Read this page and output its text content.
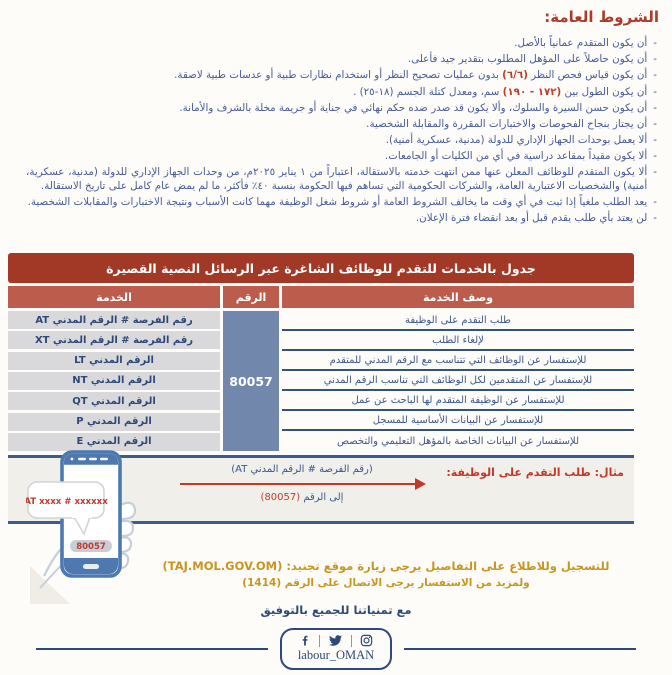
الشروط العامة:
-
أن يكون المتقدم عمانياً بالأصل.
-
أن يكون حاصلاً على المؤهل المطلوب بتقدير جيد فأعلى.
-
أن يكون قياس فحص النظر (٦/٦) بدون عمليات تصحيح النظر أو استخدام نظارات طبية أو عدسات طبية لاصقة.
-
أن يكون الطول بين (١٧٢ - ١٩٠) سم، ومعدل كتلة الجسم (١٨-٢٥) .
-
أن يكون حسن السيرة والسلوك، وألا يكون قد صدر ضده حكم نهائي في جناية أو جريمة مخلة بالشرف والأمانة.
-
أن يجتاز بنجاح الفحوصات والاختبارات المقررة والمقابلة الشخصية.
-
ألا يعمل بوحدات الجهاز الإداري للدولة (مدنية، عسكرية أمنية).
-
ألا يكون مقيداً بمقاعد دراسية في أي من الكليات أو الجامعات.
-
ألا يكون المتقدم للوظائف المعلن عنها ممن انتهت خدمته بالاستقالة، اعتباراً من ١ يناير ٢٠٢٥م، من وحدات الجهاز الإداري للدولة (مدنية، عسكرية، أمنية) والشخصيات الاعتبارية العامة، والشركات الحكومية التي تساهم فيها الحكومة بنسبة ٤٠٪ فأكثر، ما لم يمض عام كامل على تاريخ الاستقالة.
-
يعد الطلب ملغياً إذا ثبت في أي وقت ما يخالف الشروط العامة أو شروط شغل الوظيفة مهما كانت الأسباب ونتيجة الاختبارات والمقابلات الشخصية.
-
لن يعتد بأي طلب يقدم قبل أو بعد انقضاء فترة الإعلان.
جدول بالخدمات للتقدم للوظائف الشاغرة عبر الرسائل النصية القصيرة
الخدمة	الرقم	وصف الخدمة
رقم الفرصة # الرقم المدني AT
رقم الفرصة # الرقم المدني XT
الرقم المدني LT
الرقم المدني NT
الرقم المدني QT
الرقم المدني P
الرقم المدني E
80057
طلب التقدم على الوظيفة
لإلغاء الطلب
للإستفسار عن الوظائف التي تتناسب مع الرقم المدني للمتقدم
للإستفسار عن المتقدمين لكل الوظائف التي تناسب الرقم المدني
للإستفسار عن الوظيفة المتقدم لها الباحث عن عمل
للإستفسار عن البيانات الأساسية للمسجل
للإستفسار عن البيانات الخاصة بالمؤهل التعليمي والتخصص
مثال: طلب التقدم على الوظيفة:
(رقم الفرصة # الرقم المدني AT)
إلى الرقم (80057)
80057
AT xxxx # xxxxxx
للتسجيل وللاطلاع على التفاصيل يرجى زيارة موقع تجنيد: (TAJ.MOL.GOV.OM)
ولمزيد من الاستفسار يرجى الاتصال على الرقم (1414)
مع تمنياتنا للجميع بالتوفيق
labour_OMAN
